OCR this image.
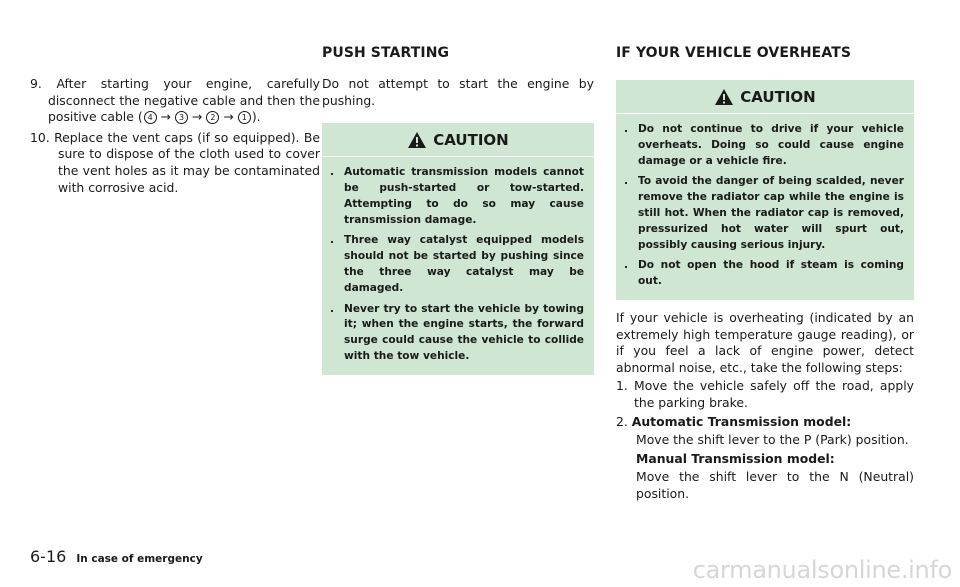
PUSH STARTING	IF YOUR VEHICLE OVERHEATS

9. After starting your engine, carefully disconnect the negative cable and then the positive cable ( 4 → 3 → 2 → 1 ).

10. Replace the vent caps (if so equipped). Be sure to dispose of the cloth used to cover the vent holes as it may be contaminated with corrosive acid.

Do not attempt to start the engine by pushing.

CAUTION
. Automatic transmission models cannot be push-started or tow-started. Attempting to do so may cause transmission damage.
. Three way catalyst equipped models should not be started by pushing since the three way catalyst may be damaged.
. Never try to start the vehicle by towing it; when the engine starts, the forward surge could cause the vehicle to collide with the tow vehicle.
CAUTION
. Do not continue to drive if your vehicle overheats. Doing so could cause engine damage or a vehicle fire.
. To avoid the danger of being scalded, never remove the radiator cap while the engine is still hot. When the radiator cap is removed, pressurized hot water will spurt out, possibly causing serious injury.
. Do not open the hood if steam is coming out.

If your vehicle is overheating (indicated by an extremely high temperature gauge reading), or if you feel a lack of engine power, detect abnormal noise, etc., take the following steps:

1. Move the vehicle safely off the road, apply the parking brake.

2. Automatic Transmission model:

Move the shift lever to the P (Park) position.

Manual Transmission model:

Move the shift lever to the N (Neutral) position.

6-16 In case of emergency	carmanualsonline.info
